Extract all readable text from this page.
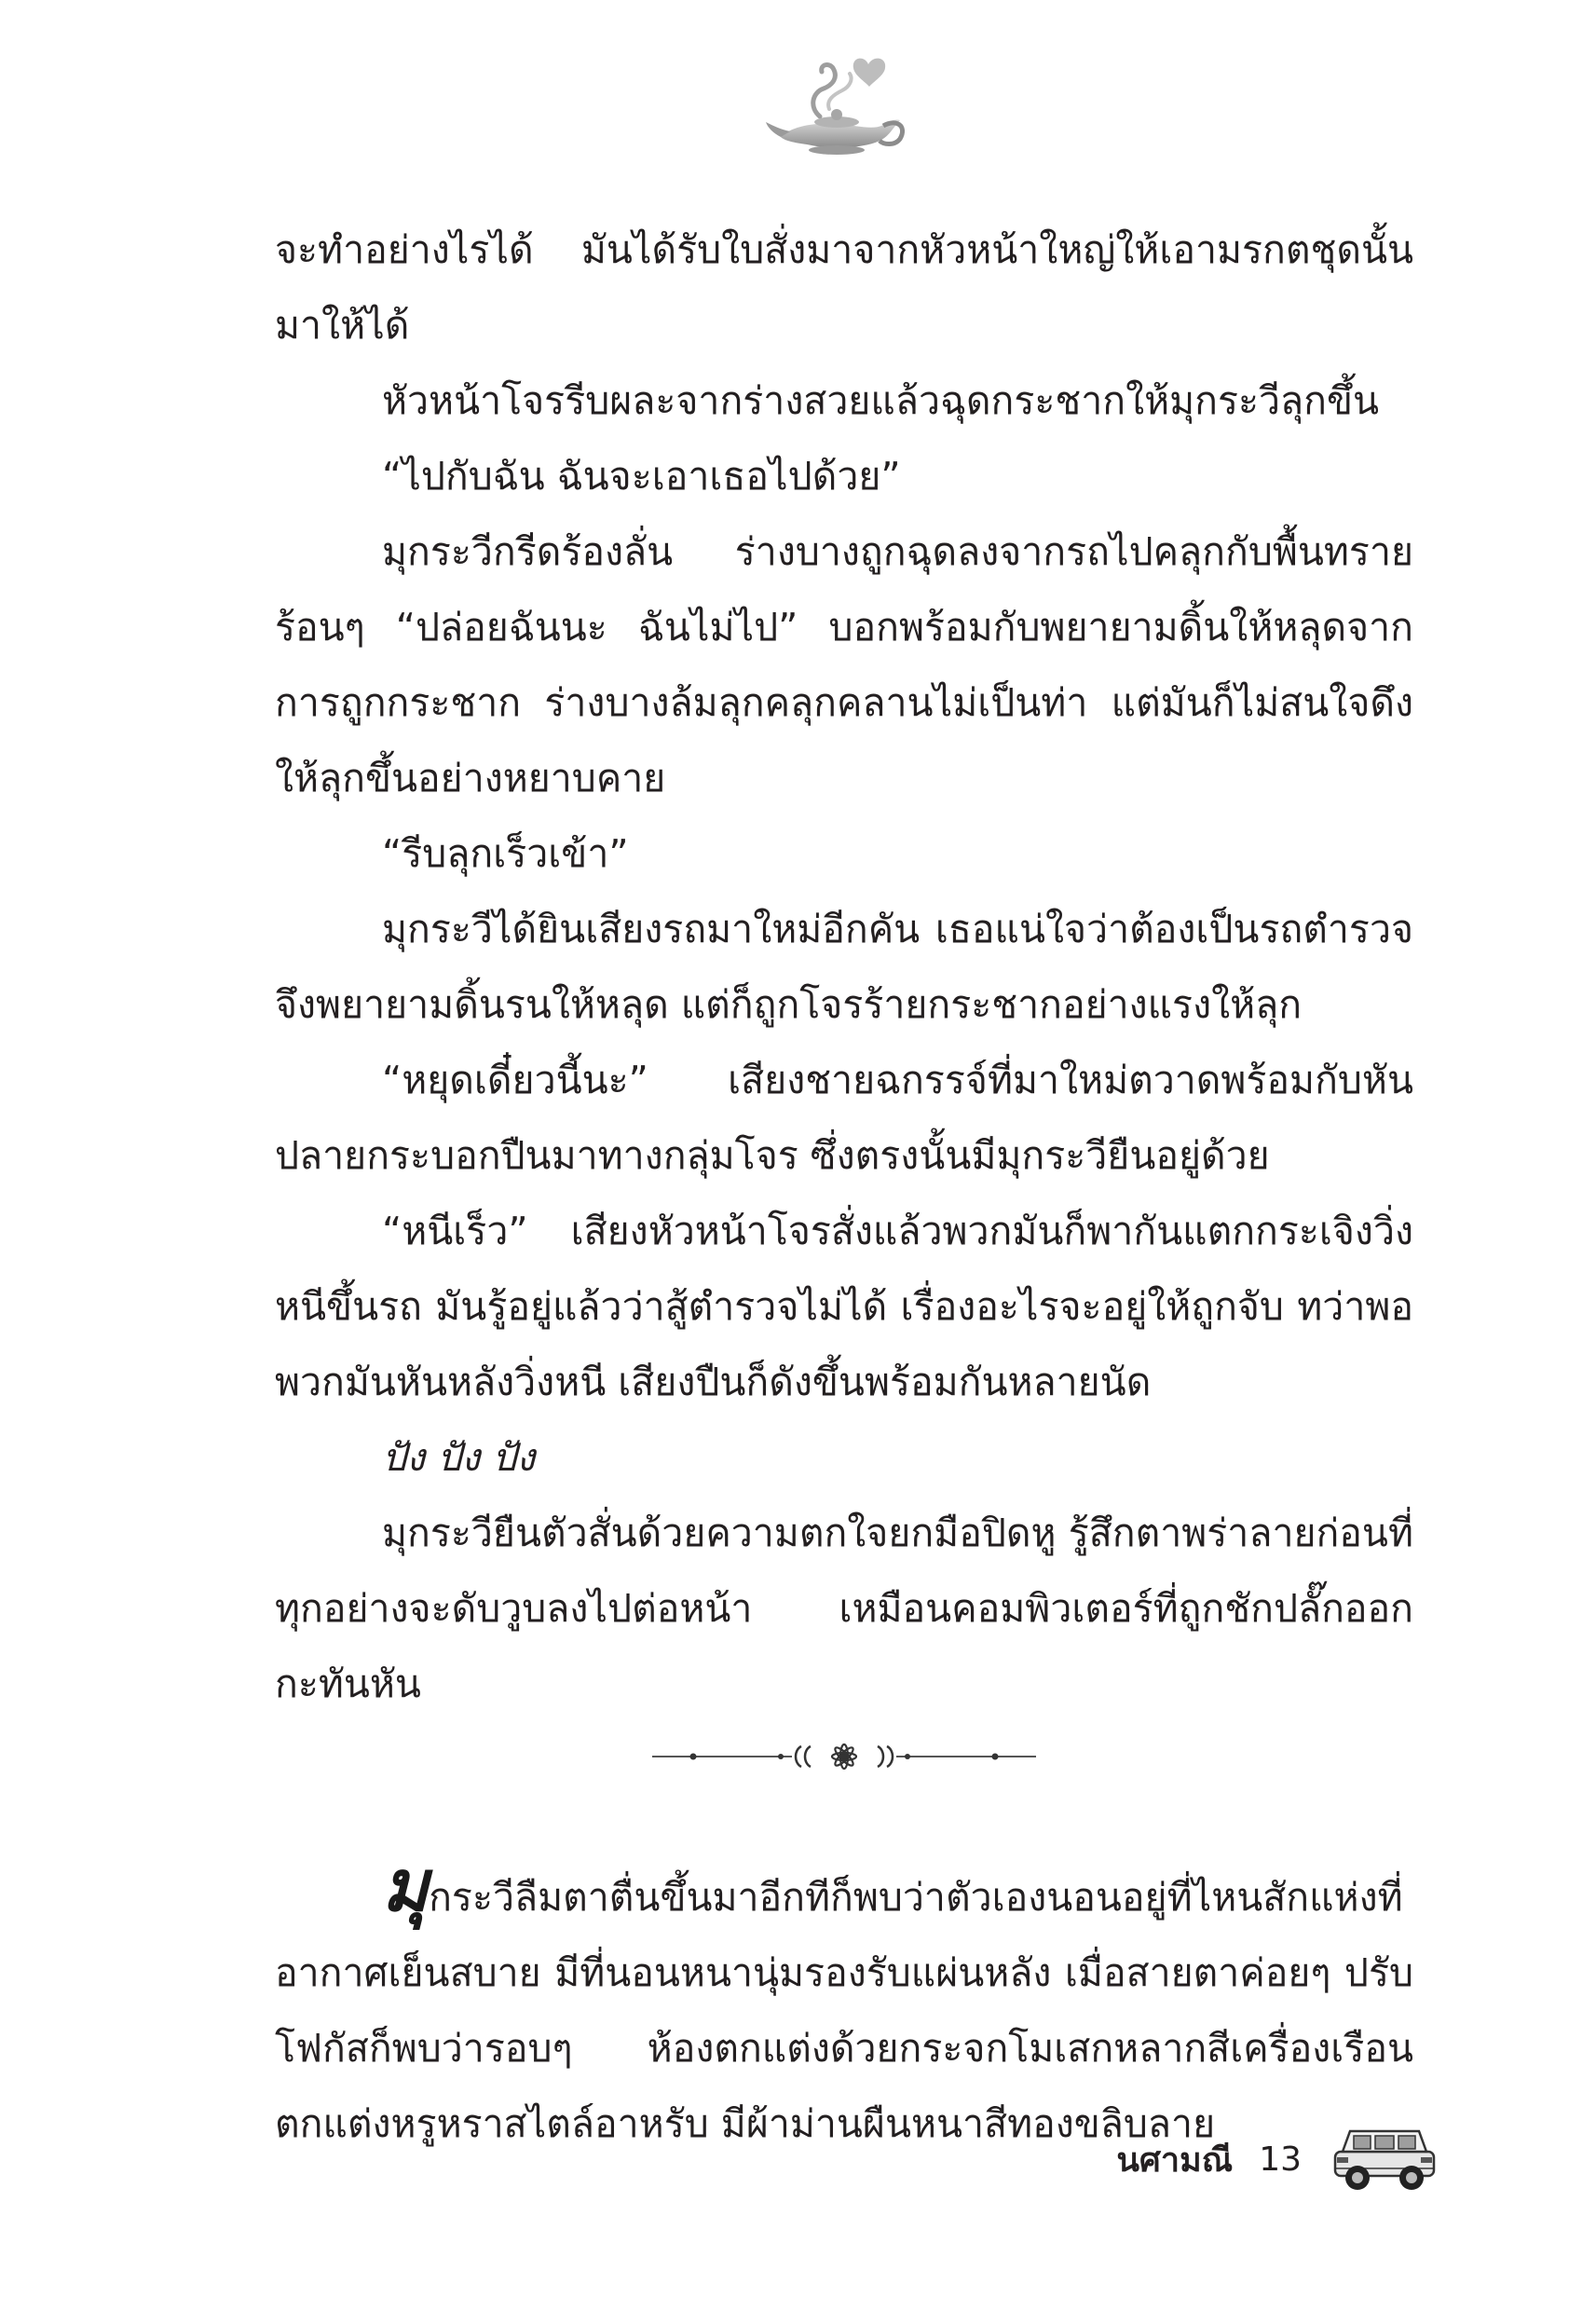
จะทำอย่างไรได้ มันได้รับใบสั่งมาจากหัวหน้าใหญ่ให้เอามรกตชุดนั้นมาให้ได้

หัวหน้าโจรรีบผละจากร่างสวยแล้วฉุดกระชากให้มุกระวีลุกขึ้น

“ไปกับฉัน ฉันจะเอาเธอไปด้วย”

มุกระวีกรีดร้องลั่น ร่างบางถูกฉุดลงจากรถไปคลุกกับพื้นทรายร้อนๆ “ปล่อยฉันนะ ฉันไม่ไป” บอกพร้อมกับพยายามดิ้นให้หลุดจากการถูกกระชาก ร่างบางล้มลุกคลุกคลานไม่เป็นท่า แต่มันก็ไม่สนใจดึงให้ลุกขึ้นอย่างหยาบคาย

“รีบลุกเร็วเข้า”

มุกระวีได้ยินเสียงรถมาใหม่อีกคัน เธอแน่ใจว่าต้องเป็นรถตำรวจจึงพยายามดิ้นรนให้หลุด แต่ก็ถูกโจรร้ายกระชากอย่างแรงให้ลุก

“หยุดเดี๋ยวนี้นะ” เสียงชายฉกรรจ์ที่มาใหม่ตวาดพร้อมกับหันปลายกระบอกปืนมาทางกลุ่มโจร ซึ่งตรงนั้นมีมุกระวียืนอยู่ด้วย

“หนีเร็ว” เสียงหัวหน้าโจรสั่งแล้วพวกมันก็พากันแตกกระเจิงวิ่งหนีขึ้นรถ มันรู้อยู่แล้วว่าสู้ตำรวจไม่ได้ เรื่องอะไรจะอยู่ให้ถูกจับ ทว่าพอพวกมันหันหลังวิ่งหนี เสียงปืนก็ดังขึ้นพร้อมกันหลายนัด

ปัง ปัง ปัง

มุกระวียืนตัวสั่นด้วยความตกใจยกมือปิดหู รู้สึกตาพร่าลายก่อนที่ทุกอย่างจะดับวูบลงไปต่อหน้า เหมือนคอมพิวเตอร์ที่ถูกชักปลั๊กออกกะทันหัน

มุกระวีลืมตาตื่นขึ้นมาอีกทีก็พบว่าตัวเองนอนอยู่ที่ไหนสักแห่งที่อากาศเย็นสบาย มีที่นอนหนานุ่มรองรับแผ่นหลัง เมื่อสายตาค่อยๆ ปรับโฟกัสก็พบว่ารอบๆ ห้องตกแต่งด้วยกระจกโมเสกหลากสีเครื่องเรือนตกแต่งหรูหราสไตล์อาหรับ มีผ้าม่านผืนหนาสีทองขลิบลาย

นศามณี 13
